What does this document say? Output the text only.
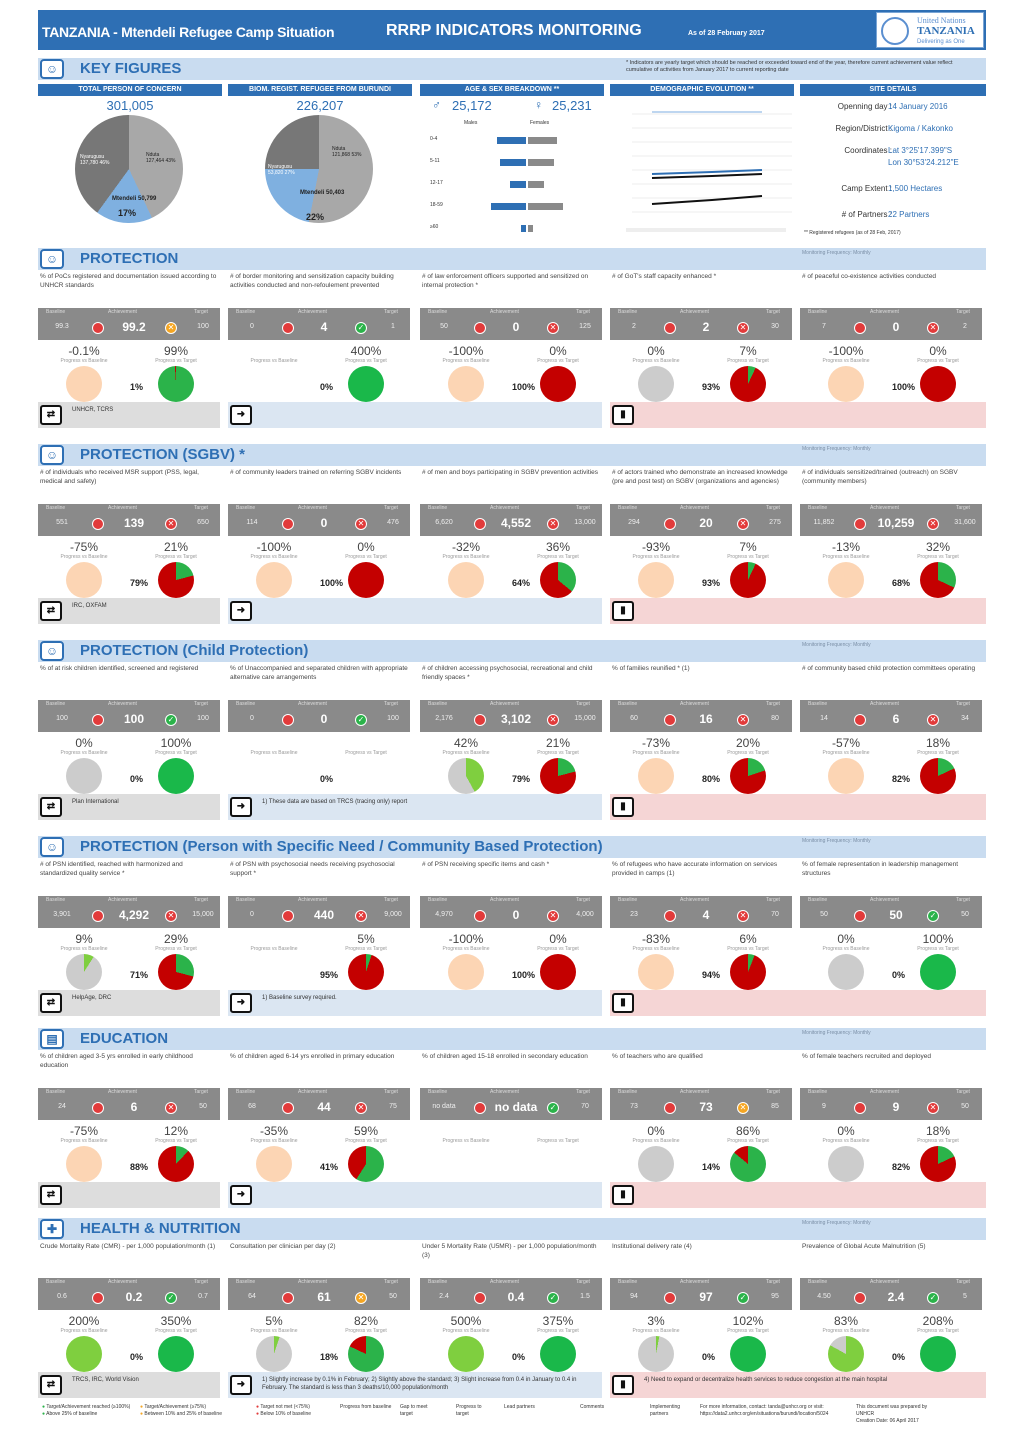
TANZANIA - Mtendeli Refugee Camp Situation	RRRP INDICATORS MONITORING	As of 28 February 2017
United Nations
TANZANIA
Delivering as One
☺	KEY FIGURES	* Indicators are yearly target which should be reached or exceeded toward end of the year, therefore current achievement value reflect cumulative of activities from January 2017 to current reporting date
TOTAL PERSON OF CONCERN
301,005
BIOM. REGIST. REFUGEE FROM BURUNDI
226,207
AGE & SEX BREAKDOWN **	DEMOGRAPHIC EVOLUTION **	SITE DETAILS
Nyarugusu 137,780 46%
Nduta 127,464 43%
Mtendeli 50,799
17%
Nduta 121,868 53%
Nyarugusu 53,820 27%
Mtendeli 50,403
22%
♂ 25,172	♀ 25,231
Males	Females
0-4
5-11
12-17
18-59
≥60
Openning day :
14 January 2016
Region/District :
Kigoma / Kakonko
Coordinates :
Lat 3°25'17.399"S
Lon 30°53'24.212"E
Camp Extent :
1,500 Hectares
# of Partners :
22 Partners
** Registered refugees (as of 28 Feb, 2017)
☺	PROTECTION	Monitoring Frequency: Monthly
% of PoCs registered and documentation issued according to UNHCR standards
Baseline	Achievement	Target
99.3	99.2	✕	100
-0.1%	99%
Progress vs Baseline	Progress vs Target
1%
# of border monitoring and sensitization capacity building activities conducted and non-refoulement prevented
Baseline	Achievement	Target
0	4	✓	1
400%
Progress vs Baseline	Progress vs Target
0%
# of law enforcement officers supported and sensitized on internal protection *
Baseline	Achievement	Target
50	0	✕	125
-100%	0%
Progress vs Baseline	Progress vs Target
100%
# of GoT's staff capacity enhanced *
Baseline	Achievement	Target
2	2	✕	30
0%	7%
Progress vs Baseline	Progress vs Target
93%
# of peaceful co-existence activities conducted
Baseline	Achievement	Target
7	0	✕	2
-100%	0%
Progress vs Baseline	Progress vs Target
100%
⇄	UNHCR, TCRS	➜	▮
☺	PROTECTION (SGBV) *	Monitoring Frequency: Monthly
# of individuals who received MSR support (PSS, legal, medical and safety)
Baseline	Achievement	Target
551	139	✕	650
-75%	21%
Progress vs Baseline	Progress vs Target
79%
# of community leaders trained on referring SGBV incidents
Baseline	Achievement	Target
114	0	✕	476
-100%	0%
Progress vs Baseline	Progress vs Target
100%
# of men and boys participating in SGBV prevention activities
Baseline	Achievement	Target
6,620	4,552	✕	13,000
-32%	36%
Progress vs Baseline	Progress vs Target
64%
# of actors trained who demonstrate an increased knowledge (pre and post test) on SGBV (organizations and agencies)
Baseline	Achievement	Target
294	20	✕	275
-93%	7%
Progress vs Baseline	Progress vs Target
93%
# of individuals sensitized/trained (outreach) on SGBV (community members)
Baseline	Achievement	Target
11,852	10,259	✕	31,600
-13%	32%
Progress vs Baseline	Progress vs Target
68%
⇄	IRC, OXFAM	➜	▮
☺	PROTECTION (Child Protection)	Monitoring Frequency: Monthly
% of at risk children identified, screened and registered
Baseline	Achievement	Target
100	100	✓	100
0%	100%
Progress vs Baseline	Progress vs Target
0%
% of Unaccompanied and separated children with appropriate alternative care arrangements
Baseline	Achievement	Target
0	0	✓	100
Progress vs Baseline	Progress vs Target
0%
# of children accessing psychosocial, recreational and child friendly spaces *
Baseline	Achievement	Target
2,176	3,102	✕	15,000
42%	21%
Progress vs Baseline	Progress vs Target
79%
% of families reunified * (1)
Baseline	Achievement	Target
60	16	✕	80
-73%	20%
Progress vs Baseline	Progress vs Target
80%
# of community based child protection committees operating
Baseline	Achievement	Target
14	6	✕	34
-57%	18%
Progress vs Baseline	Progress vs Target
82%
⇄	Plan International	➜	1) These data are based on TRCS (tracing only) report	▮
☺	PROTECTION (Person with Specific Need / Community Based Protection)	Monitoring Frequency: Monthly
# of PSN identified, reached with harmonized and standardized quality service *
Baseline	Achievement	Target
3,901	4,292	✕	15,000
9%	29%
Progress vs Baseline	Progress vs Target
71%
# of PSN with psychosocial needs receiving psychosocial support *
Baseline	Achievement	Target
0	440	✕	9,000
5%
Progress vs Baseline	Progress vs Target
95%
# of PSN receiving specific items and cash *
Baseline	Achievement	Target
4,970	0	✕	4,000
-100%	0%
Progress vs Baseline	Progress vs Target
100%
% of refugees who have accurate information on services provided in camps (1)
Baseline	Achievement	Target
23	4	✕	70
-83%	6%
Progress vs Baseline	Progress vs Target
94%
% of female representation in leadership management structures
Baseline	Achievement	Target
50	50	✓	50
0%	100%
Progress vs Baseline	Progress vs Target
0%
⇄	HelpAge, DRC	➜	1) Baseline survey required.	▮
▤	EDUCATION	Monitoring Frequency: Monthly
% of children aged 3-5 yrs enrolled in early childhood education
Baseline	Achievement	Target
24	6	✕	50
-75%	12%
Progress vs Baseline	Progress vs Target
88%
% of children aged 6-14 yrs enrolled in primary education
Baseline	Achievement	Target
68	44	✕	75
-35%	59%
Progress vs Baseline	Progress vs Target
41%
% of children aged 15-18 enrolled in secondary education
Baseline	Achievement	Target
no data	no data	✓	70
Progress vs Baseline	Progress vs Target
% of teachers who are qualified
Baseline	Achievement	Target
73	73	✕	85
0%	86%
Progress vs Baseline	Progress vs Target
14%
% of female teachers recruited and deployed
Baseline	Achievement	Target
9	9	✕	50
0%	18%
Progress vs Baseline	Progress vs Target
82%
⇄	➜	▮
✚	HEALTH & NUTRITION	Monitoring Frequency: Monthly
Crude Mortality Rate (CMR) - per 1,000 population/month (1)
Baseline	Achievement	Target
0.6	0.2	✓	0.7
200%	350%
Progress vs Baseline	Progress vs Target
0%
Consultation per clinician per day (2)
Baseline	Achievement	Target
64	61	✕	50
5%	82%
Progress vs Baseline	Progress vs Target
18%
Under 5 Mortality Rate (U5MR) - per 1,000 population/month (3)
Baseline	Achievement	Target
2.4	0.4	✓	1.5
500%	375%
Progress vs Baseline	Progress vs Target
0%
Institutional delivery rate (4)
Baseline	Achievement	Target
94	97	✓	95
3%	102%
Progress vs Baseline	Progress vs Target
0%
Prevalence of Global Acute Malnutrition (5)
Baseline	Achievement	Target
4.50	2.4	✓	5
83%	208%
Progress vs Baseline	Progress vs Target
0%
⇄	TRCS, IRC, World Vision	➜	1) Slightly increase by 0.1% in February; 2) Slightly above the standard; 3) Slight increase from 0.4 in January to 0.4 in February. The standard is less than 3 deaths/10,000 population/month	▮	4) Need to expand or decentralize health services to reduce congestion at the main hospital
● Target/Achievement reached (≥100%)
● Above 25% of baseline
● Target/Achievement (≥75%)
● Between 10% and 25% of baseline
● Target not met (<75%)
● Below 10% of baseline
Progress from baseline	Gap to meet target
Progress to target
Lead partners	Comments	Implementing partners
For more information, contact: tanda@unhcr.org or visit: https://data2.unhcr.org/en/situations/burundi/location/5024
This document was prepared by UNHCR
Creation Date: 06 April 2017
